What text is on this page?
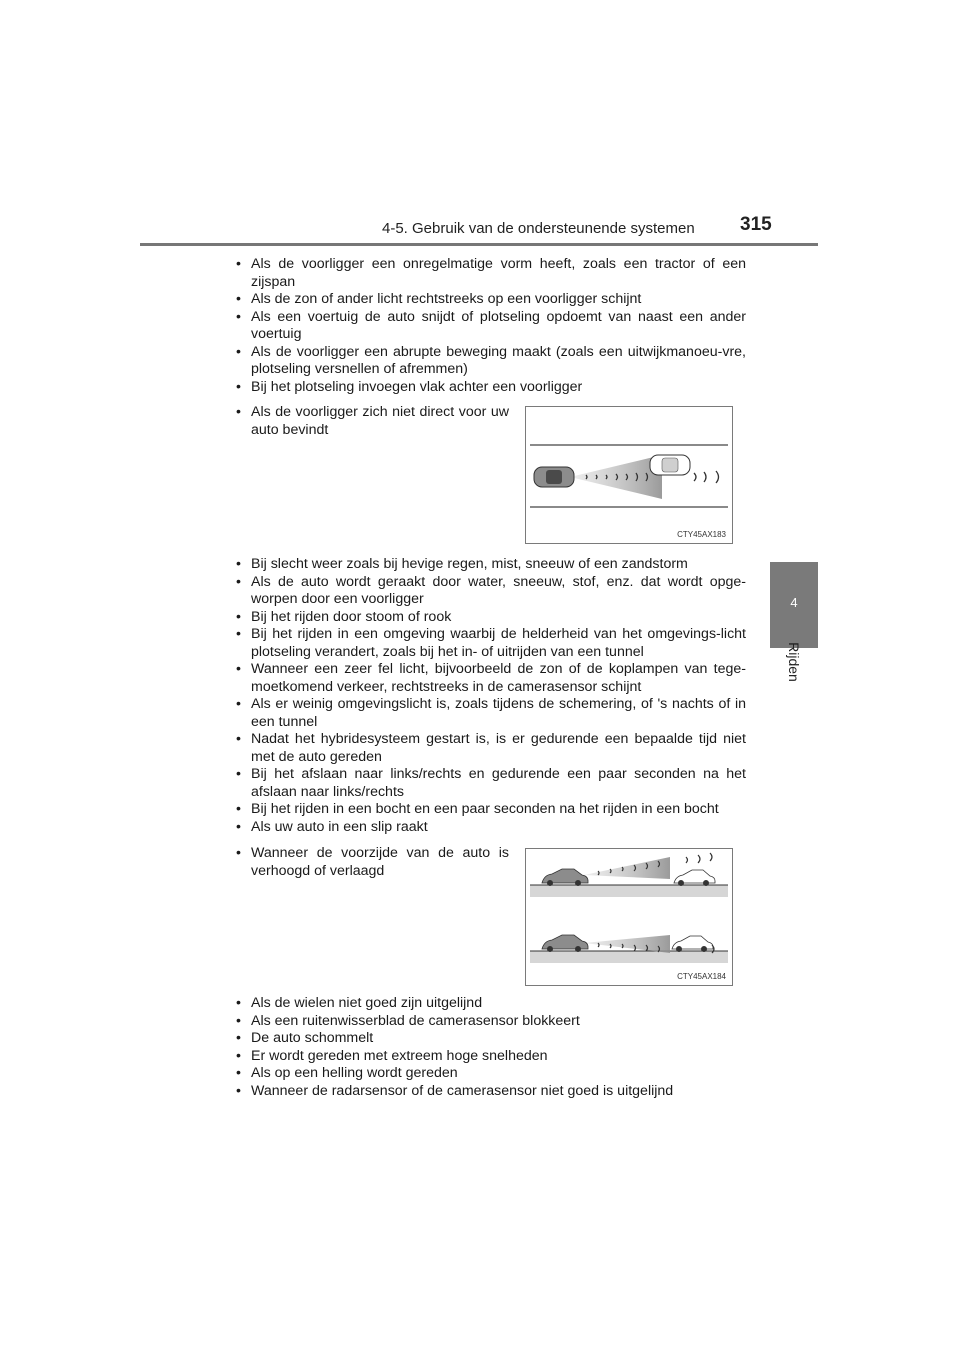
4-5. Gebruik van de ondersteunende systemen 315
4
Rijden
• Als de voorligger een onregelmatige vorm heeft, zoals een tractor of een zijspan
• Als de zon of ander licht rechtstreeks op een voorligger schijnt
• Als een voertuig de auto snijdt of plotseling opdoemt van naast een ander voertuig
• Als de voorligger een abrupte beweging maakt (zoals een uitwijkmanoeu-vre, plotseling versnellen of afremmen)
• Bij het plotseling invoegen vlak achter een voorligger
• Als de voorligger zich niet direct voor uw auto bevindt
CTY45AX183
• Bij slecht weer zoals bij hevige regen, mist, sneeuw of een zandstorm
• Als de auto wordt geraakt door water, sneeuw, stof, enz. dat wordt opge-worpen door een voorligger
• Bij het rijden door stoom of rook
• Bij het rijden in een omgeving waarbij de helderheid van het omgevings-licht plotseling verandert, zoals bij het in- of uitrijden van een tunnel
• Wanneer een zeer fel licht, bijvoorbeeld de zon of de koplampen van tege-moetkomend verkeer, rechtstreeks in de camerasensor schijnt
• Als er weinig omgevingslicht is, zoals tijdens de schemering, of 's nachts of in een tunnel
• Nadat het hybridesysteem gestart is, is er gedurende een bepaalde tijd niet met de auto gereden
• Bij het afslaan naar links/rechts en gedurende een paar seconden na het afslaan naar links/rechts
• Bij het rijden in een bocht en een paar seconden na het rijden in een bocht
• Als uw auto in een slip raakt
• Wanneer de voorzijde van de auto is verhoogd of verlaagd
CTY45AX184
• Als de wielen niet goed zijn uitgelijnd
• Als een ruitenwisserblad de camerasensor blokkeert
• De auto schommelt
• Er wordt gereden met extreem hoge snelheden
• Als op een helling wordt gereden
• Wanneer de radarsensor of de camerasensor niet goed is uitgelijnd
